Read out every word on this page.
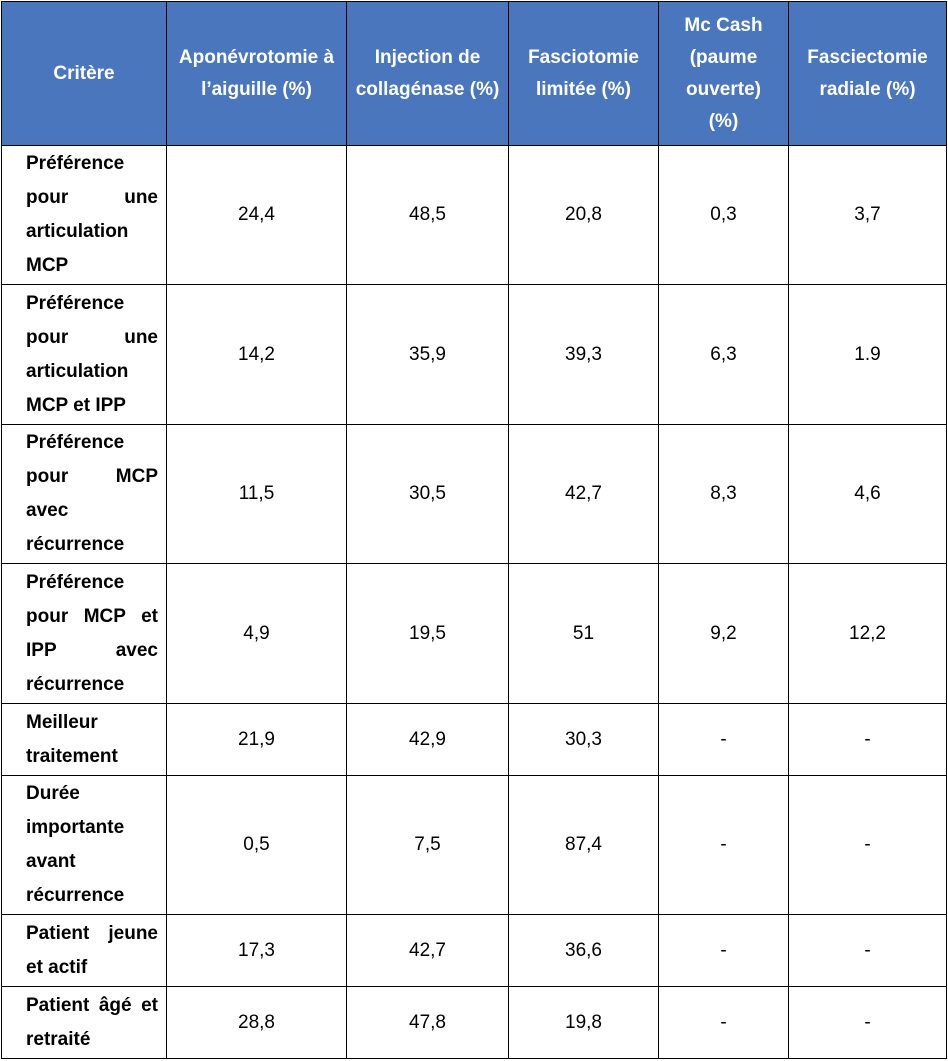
Critère	Aponévrotomie à l’aiguille (%)	Injection de collagénase (%)	Fasciotomie limitée (%)	Mc Cash (paume ouverte) (%)	Fasciectomie radiale (%)

Préférence pour une articulation MCP	24,4	48,5	20,8	0,3	3,7

Préférence pour une articulation MCP et IPP	14,2	35,9	39,3	6,3	1.9

Préférence pour MCP avec récurrence	11,5	30,5	42,7	8,3	4,6

Préférence pour MCP et IPP avec récurrence	4,9	19,5	51	9,2	12,2

Meilleur traitement	21,9	42,9	30,3	-	-

Durée importante avant récurrence	0,5	7,5	87,4	-	-

Patient jeune et actif	17,3	42,7	36,6	-	-

Patient âgé et retraité	28,8	47,8	19,8	-	-
